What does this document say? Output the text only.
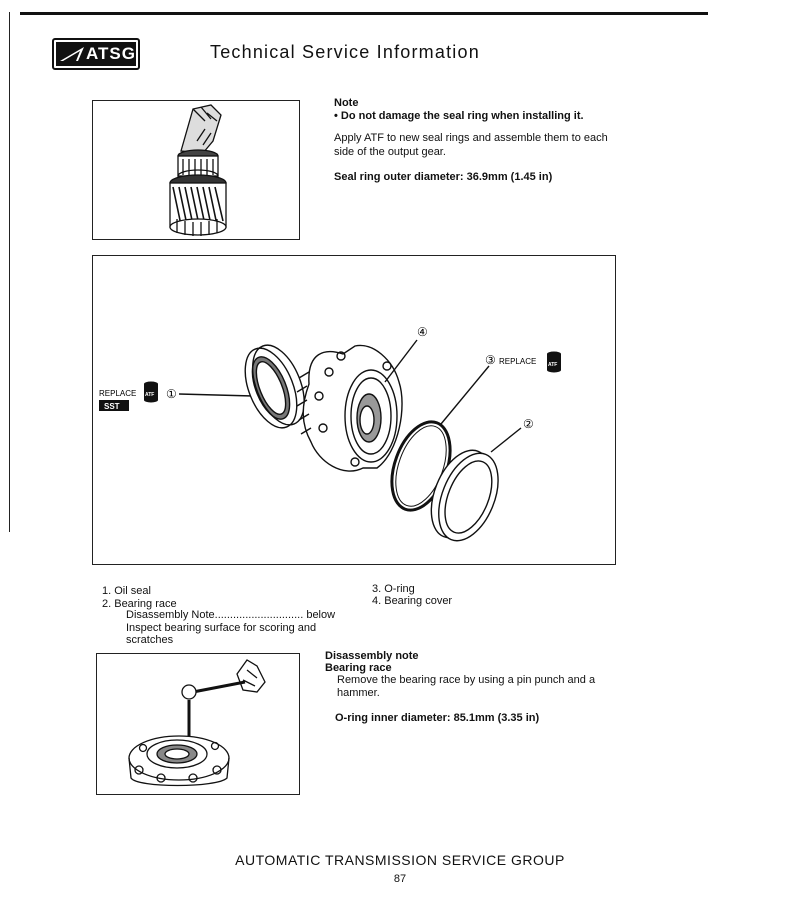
ATSG	Technical Service Information
Note
• Do not damage the seal ring when installing it.
Apply ATF to new seal rings and assemble them to each
side of the output gear.
Seal ring outer diameter: 36.9mm (1.45 in)
④
③ REPLACE
②
①
REPLACE ATF
SST
ATF
1. Oil seal
2. Bearing race
Disassembly Note............................. below
Inspect bearing surface for scoring and
scratches
3. O-ring
4. Bearing cover
Disassembly note
Bearing race
Remove the bearing race by using a pin punch and a
hammer.
O-ring inner diameter: 85.1mm (3.35 in)
AUTOMATIC TRANSMISSION SERVICE GROUP
87
